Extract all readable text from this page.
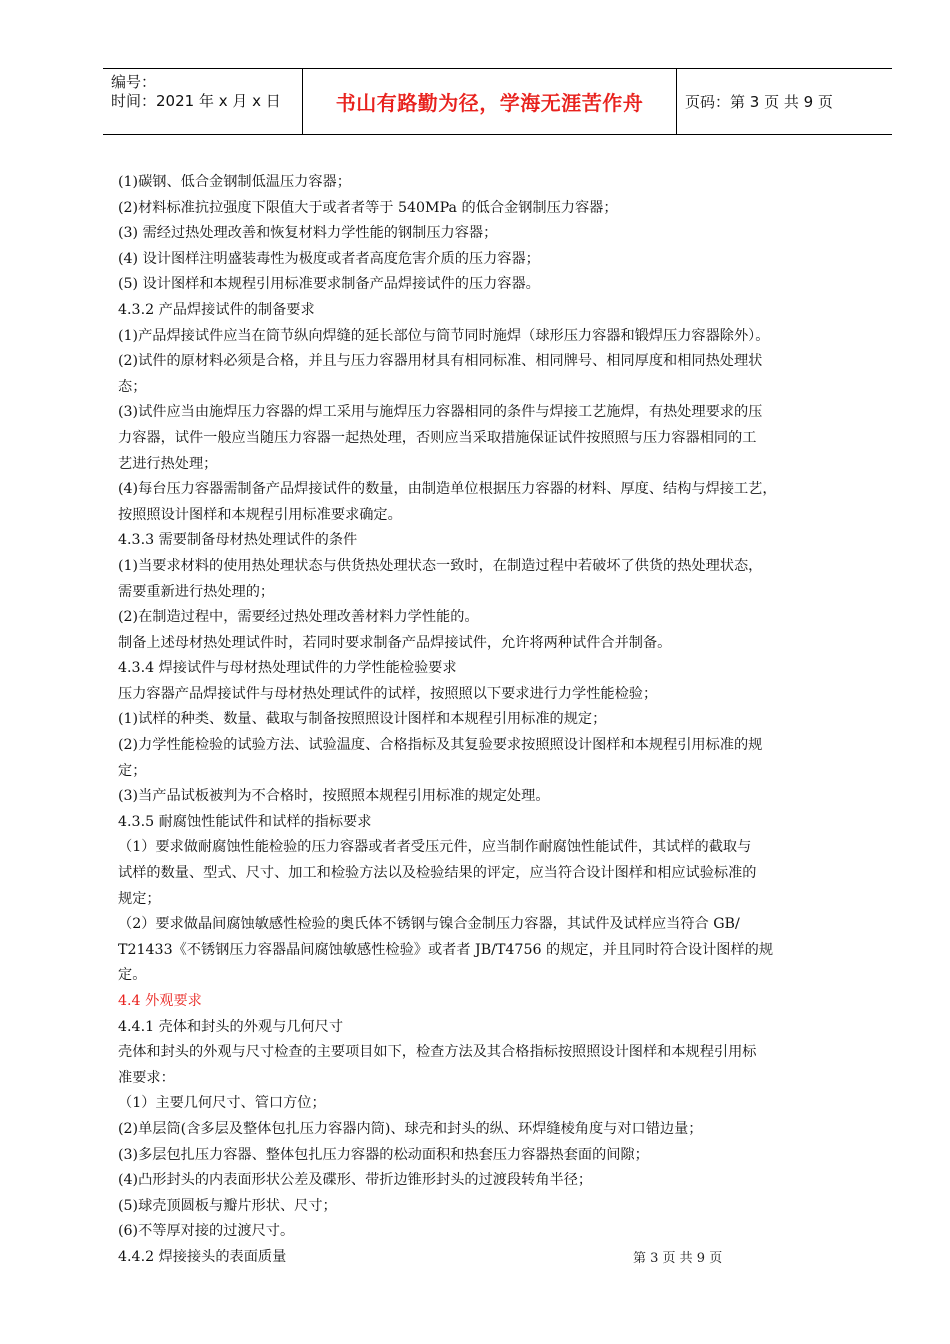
编号：
时间：2021 年 x 月 x 日	书山有路勤为径，学海无涯苦作舟	页码：第 3 页 共 9 页
(1)碳钢、低合金钢制低温压力容器；
(2)材料标准抗拉强度下限值大于或者者等于 540MPa 的低合金钢制压力容器；
(3) 需经过热处理改善和恢复材料力学性能的钢制压力容器；
(4) 设计图样注明盛装毒性为极度或者者高度危害介质的压力容器；
(5) 设计图样和本规程引用标准要求制备产品焊接试件的压力容器。
4.3.2 产品焊接试件的制备要求
(1)产品焊接试件应当在筒节纵向焊缝的延长部位与筒节同时施焊（球形压力容器和锻焊压力容器除外）。
(2)试件的原材料必须是合格，并且与压力容器用材具有相同标准、相同牌号、相同厚度和相同热处理状
态；
(3)试件应当由施焊压力容器的焊工采用与施焊压力容器相同的条件与焊接工艺施焊，有热处理要求的压
力容器，试件一般应当随压力容器一起热处理，否则应当采取措施保证试件按照照与压力容器相同的工
艺进行热处理；
(4)每台压力容器需制备产品焊接试件的数量，由制造单位根据压力容器的材料、厚度、结构与焊接工艺，
按照照设计图样和本规程引用标准要求确定。
4.3.3 需要制备母材热处理试件的条件
(1)当要求材料的使用热处理状态与供货热处理状态一致时，在制造过程中若破坏了供货的热处理状态，
需要重新进行热处理的；
(2)在制造过程中，需要经过热处理改善材料力学性能的。
制备上述母材热处理试件时，若同时要求制备产品焊接试件，允许将两种试件合并制备。
4.3.4 焊接试件与母材热处理试件的力学性能检验要求
压力容器产品焊接试件与母材热处理试件的试样，按照照以下要求进行力学性能检验；
(1)试样的种类、数量、截取与制备按照照设计图样和本规程引用标准的规定；
(2)力学性能检验的试验方法、试验温度、合格指标及其复验要求按照照设计图样和本规程引用标准的规
定；
(3)当产品试板被判为不合格时，按照照本规程引用标准的规定处理。
4.3.5 耐腐蚀性能试件和试样的指标要求
（1）要求做耐腐蚀性能检验的压力容器或者者受压元件，应当制作耐腐蚀性能试件，其试样的截取与
试样的数量、型式、尺寸、加工和检验方法以及检验结果的评定，应当符合设计图样和相应试验标准的
规定；
（2）要求做晶间腐蚀敏感性检验的奥氏体不锈钢与镍合金制压力容器，其试件及试样应当符合 GB/
T21433《不锈钢压力容器晶间腐蚀敏感性检验》或者者 JB/T4756 的规定，并且同时符合设计图样的规
定。
4.4 外观要求
4.4.1 壳体和封头的外观与几何尺寸
壳体和封头的外观与尺寸检查的主要项目如下，检查方法及其合格指标按照照设计图样和本规程引用标
准要求：
（1）主要几何尺寸、管口方位；
(2)单层筒(含多层及整体包扎压力容器内筒)、球壳和封头的纵、环焊缝棱角度与对口错边量；
(3)多层包扎压力容器、整体包扎压力容器的松动面积和热套压力容器热套面的间隙；
(4)凸形封头的内表面形状公差及碟形、带折边锥形封头的过渡段转角半径；
(5)球壳顶圆板与瓣片形状、尺寸；
(6)不等厚对接的过渡尺寸。
4.4.2 焊接接头的表面质量	第 3 页 共 9 页
